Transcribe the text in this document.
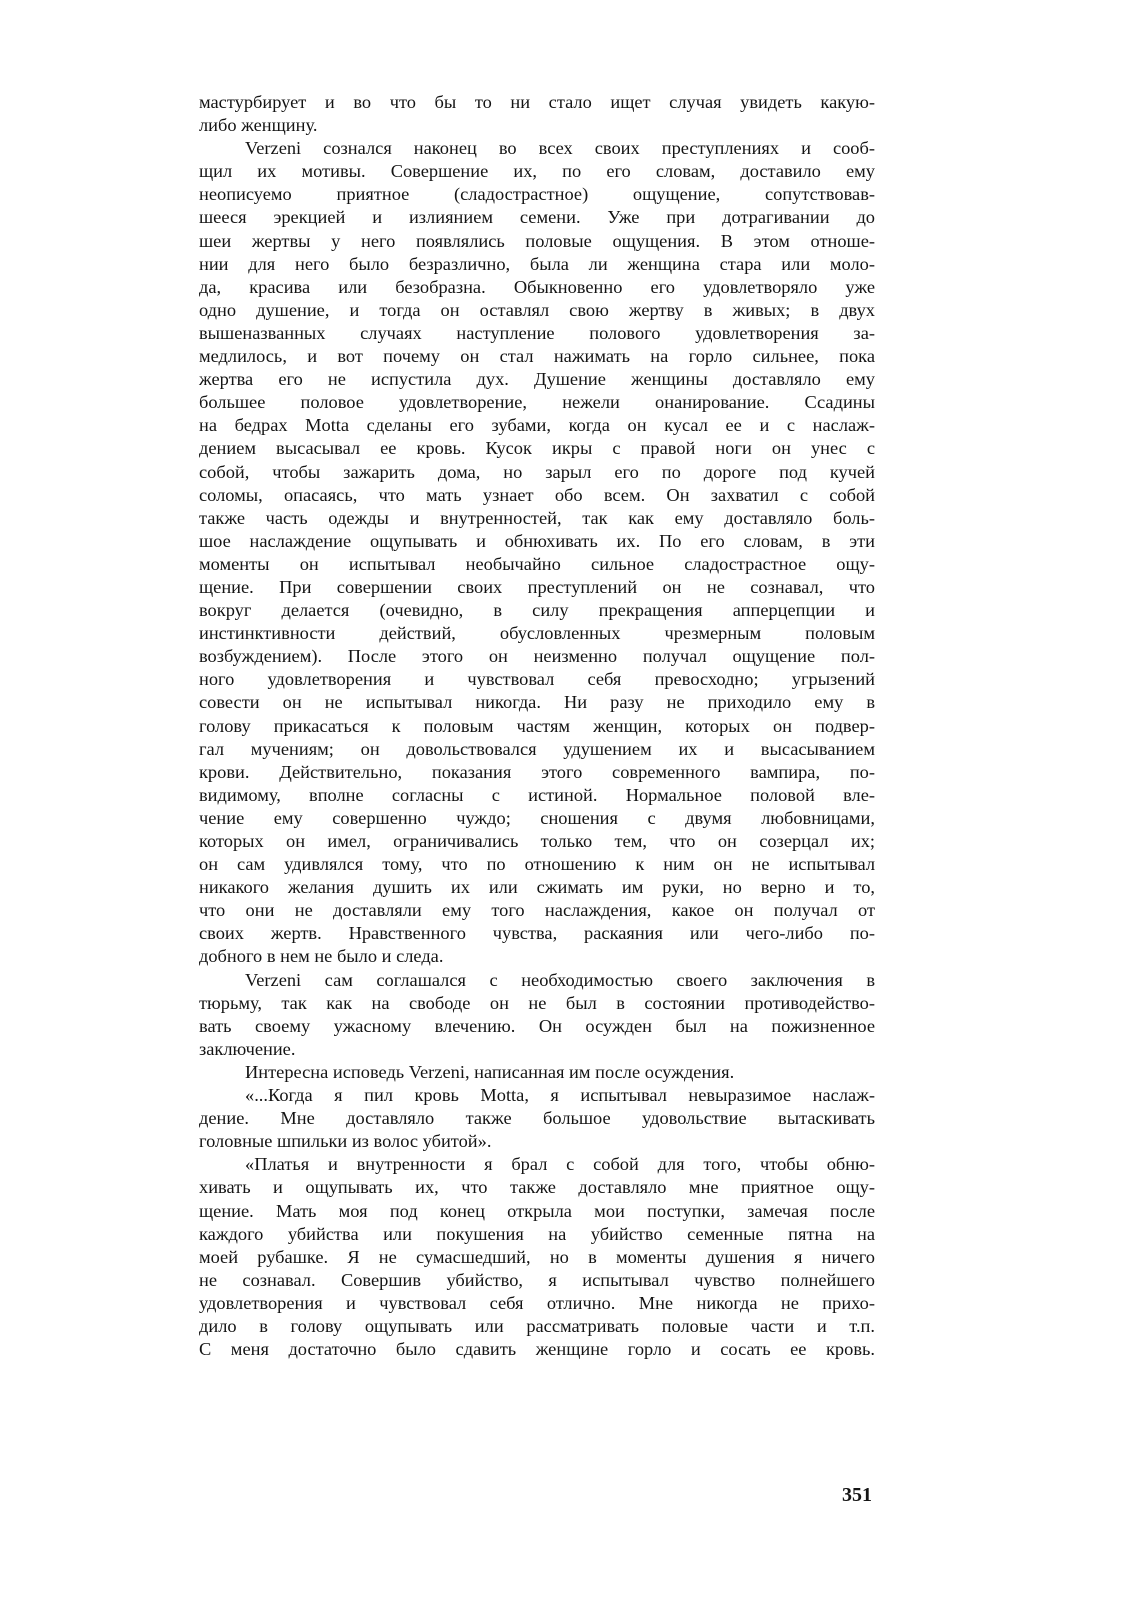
мастурбирует и во что бы то ни стало ищет случая увидеть какую-
либо женщину.
Verzeni сознался наконец во всех своих преступлениях и сооб-
щил их мотивы. Совершение их, по его словам, доставило ему
неописуемо приятное (сладострастное) ощущение, сопутствовав-
шееся эрекцией и излиянием семени. Уже при дотрагивании до
шеи жертвы у него появлялись половые ощущения. В этом отноше-
нии для него было безразлично, была ли женщина стара или моло-
да, красива или безобразна. Обыкновенно его удовлетворяло уже
одно душение, и тогда он оставлял свою жертву в живых; в двух
вышеназванных случаях наступление полового удовлетворения за-
медлилось, и вот почему он стал нажимать на горло сильнее, пока
жертва его не испустила дух. Душение женщины доставляло ему
большее половое удовлетворение, нежели онанирование. Ссадины
на бедрах Motta сделаны его зубами, когда он кусал ее и с наслаж-
дением высасывал ее кровь. Кусок икры с правой ноги он унес с
собой, чтобы зажарить дома, но зарыл его по дороге под кучей
соломы, опасаясь, что мать узнает обо всем. Он захватил с собой
также часть одежды и внутренностей, так как ему доставляло боль-
шое наслаждение ощупывать и обнюхивать их. По его словам, в эти
моменты он испытывал необычайно сильное сладострастное ощу-
щение. При совершении своих преступлений он не сознавал, что
вокруг делается (очевидно, в силу прекращения апперцепции и
инстинктивности действий, обусловленных чрезмерным половым
возбуждением). После этого он неизменно получал ощущение пол-
ного удовлетворения и чувствовал себя превосходно; угрызений
совести он не испытывал никогда. Ни разу не приходило ему в
голову прикасаться к половым частям женщин, которых он подвер-
гал мучениям; он довольствовался удушением их и высасыванием
крови. Действительно, показания этого современного вампира, по-
видимому, вполне согласны с истиной. Нормальное половой вле-
чение ему совершенно чуждо; сношения с двумя любовницами,
которых он имел, ограничивались только тем, что он созерцал их;
он сам удивлялся тому, что по отношению к ним он не испытывал
никакого желания душить их или сжимать им руки, но верно и то,
что они не доставляли ему того наслаждения, какое он получал от
своих жертв. Нравственного чувства, раскаяния или чего-либо по-
добного в нем не было и следа.
Verzeni сам соглашался с необходимостью своего заключения в
тюрьму, так как на свободе он не был в состоянии противодейство-
вать своему ужасному влечению. Он осужден был на пожизненное
заключение.
Интересна исповедь Verzeni, написанная им после осуждения.
«...Когда я пил кровь Motta, я испытывал невыразимое наслаж-
дение. Мне доставляло также большое удовольствие вытаскивать
головные шпильки из волос убитой».
«Платья и внутренности я брал с собой для того, чтобы обню-
хивать и ощупывать их, что также доставляло мне приятное ощу-
щение. Мать моя под конец открыла мои поступки, замечая после
каждого убийства или покушения на убийство семенные пятна на
моей рубашке. Я не сумасшедший, но в моменты душения я ничего
не сознавал. Совершив убийство, я испытывал чувство полнейшего
удовлетворения и чувствовал себя отлично. Мне никогда не прихо-
дило в голову ощупывать или рассматривать половые части и т.п.
С меня достаточно было сдавить женщине горло и сосать ее кровь.
351
